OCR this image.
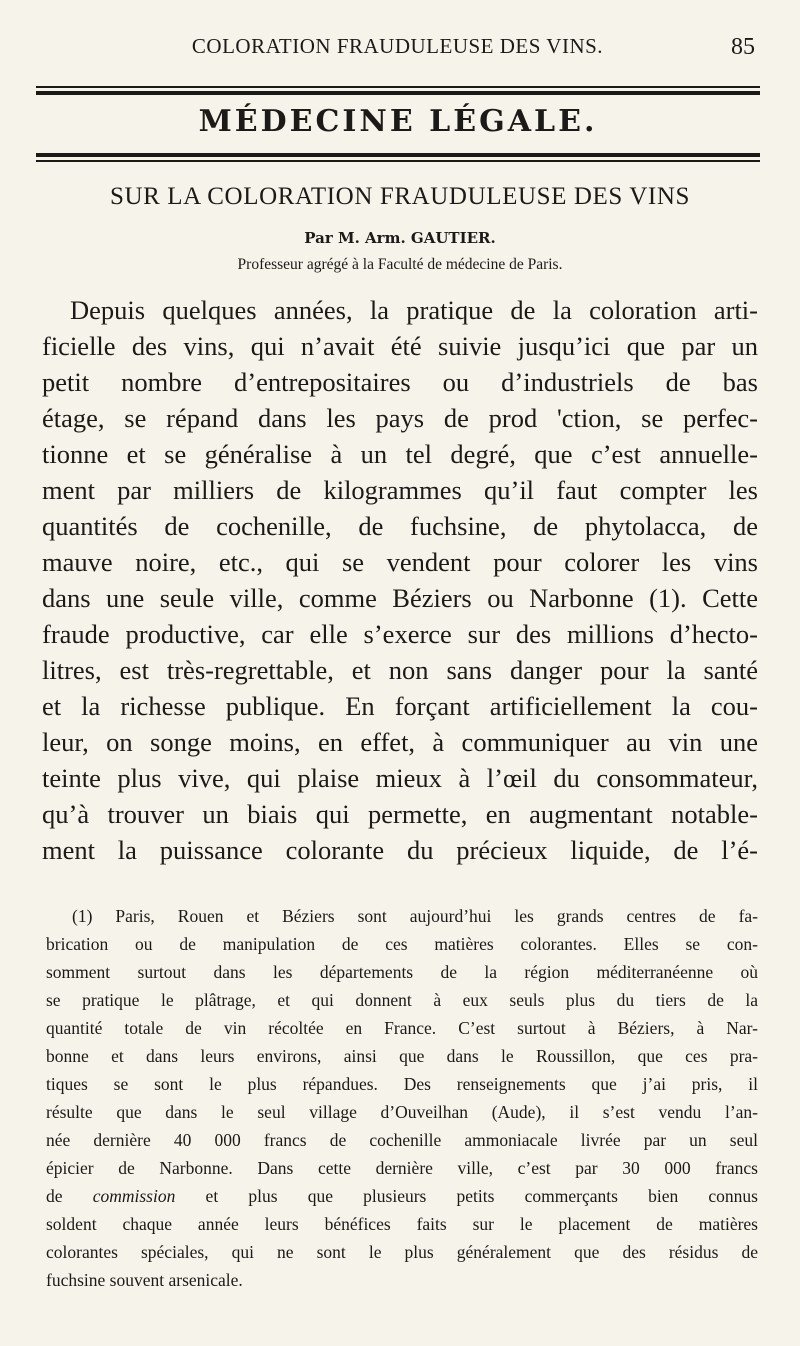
COLORATION FRAUDULEUSE DES VINS.	85
MÉDECINE LÉGALE.
SUR LA COLORATION FRAUDULEUSE DES VINS
Par M. Arm. GAUTIER.
Professeur agrégé à la Faculté de médecine de Paris.
Depuis quelques années, la pratique de la coloration arti-
ficielle des vins, qui n’avait été suivie jusqu’ici que par un
petit nombre d’entrepositaires ou d’industriels de bas
étage, se répand dans les pays de prod 'ction, se perfec-
tionne et se généralise à un tel degré, que c’est annuelle-
ment par milliers de kilogrammes qu’il faut compter les
quantités de cochenille, de fuchsine, de phytolacca, de
mauve noire, etc., qui se vendent pour colorer les vins
dans une seule ville, comme Béziers ou Narbonne (1). Cette
fraude productive, car elle s’exerce sur des millions d’hecto-
litres, est très-regrettable, et non sans danger pour la santé
et la richesse publique. En forçant artificiellement la cou-
leur, on songe moins, en effet, à communiquer au vin une
teinte plus vive, qui plaise mieux à l’œil du consommateur,
qu’à trouver un biais qui permette, en augmentant notable-
ment la puissance colorante du précieux liquide, de l’é-
(1) Paris, Rouen et Béziers sont aujourd’hui les grands centres de fa-
brication ou de manipulation de ces matières colorantes. Elles se con-
somment surtout dans les départements de la région méditerranéenne où
se pratique le plâtrage, et qui donnent à eux seuls plus du tiers de la
quantité totale de vin récoltée en France. C’est surtout à Béziers, à Nar-
bonne et dans leurs environs, ainsi que dans le Roussillon, que ces pra-
tiques se sont le plus répandues. Des renseignements que j’ai pris, il
résulte que dans le seul village d’Ouveilhan (Aude), il s’est vendu l’an-
née dernière 40 000 francs de cochenille ammoniacale livrée par un seul
épicier de Narbonne. Dans cette dernière ville, c’est par 30 000 francs
de commission et plus que plusieurs petits commerçants bien connus
soldent chaque année leurs bénéfices faits sur le placement de matières
colorantes spéciales, qui ne sont le plus généralement que des résidus de
fuchsine souvent arsenicale.
